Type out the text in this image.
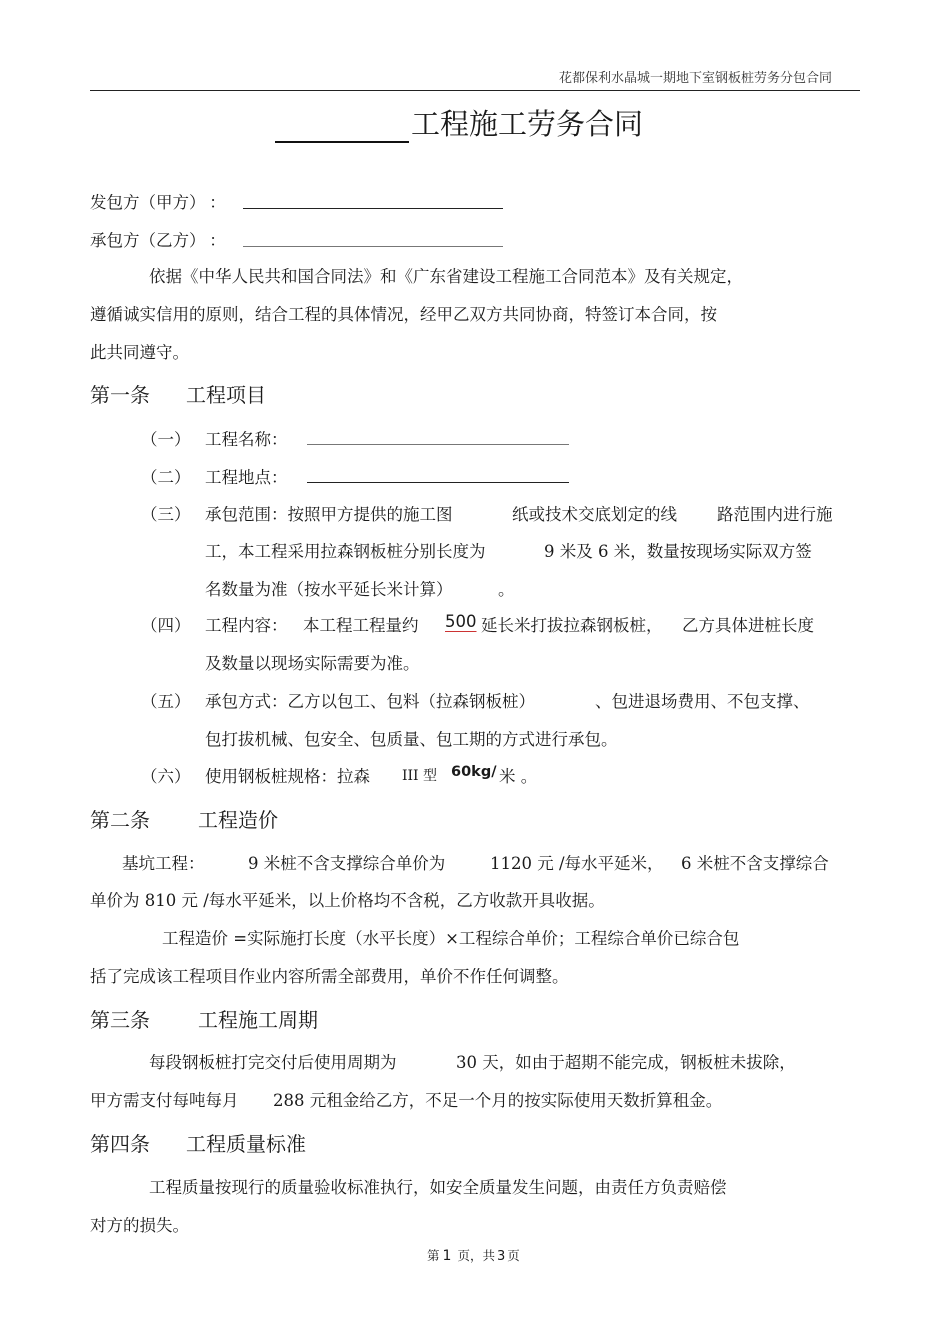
花都保利水晶城一期地下室钢板桩劳务分包合同
工程施工劳务合同
发包方（甲方） ：
承包方（乙方） ：
依据《中华人民共和国合同法》和《广东省建设工程施工合同范本》及有关规定，
遵循诚实信用的原则，结合工程的具体情况，经甲乙双方共同协商，特签订本合同，按
此共同遵守。
第一条 工程项目
（一） 工程名称：
（二） 工程地点：
（三） 承包范围：按照甲方提供的施工图	纸或技术交底划定的线 路范围内进行施
工，本工程采用拉森钢板桩分别长度为	9 米及 6 米，数量按现场实际双方签
名数量为准（按水平延长米计算）	。
（四） 工程内容： 本工程工程量约 500 延长米打拔拉森钢板桩， 乙方具体进桩长度
及数量以现场实际需要为准。
（五） 承包方式：乙方以包工、包料（拉森钢板桩）	、包进退场费用、不包支撑、
包打拔机械、包安全、包质量、包工期的方式进行承包。
（六） 使用钢板桩规格：拉森 III 型 60kg/ 米 。
第二条 工程造价
基坑工程：	9 米桩不含支撑综合单价为	1120 元 /每水平延米， 6 米桩不含支撑综合
单价为 810 元 /每水平延米，以上价格均不含税，乙方收款开具收据。
工程造价 =实际施打长度（水平长度）×工程综合单价；工程综合单价已综合包
括了完成该工程项目作业内容所需全部费用，单价不作任何调整。
第三条 工程施工周期
每段钢板桩打完交付后使用周期为	30 天，如由于超期不能完成，钢板桩未拔除，
甲方需支付每吨每月 288 元租金给乙方，不足一个月的按实际使用天数折算租金。
第四条 工程质量标准
工程质量按现行的质量验收标准执行，如安全质量发生问题，由责任方负责赔偿
对方的损失。
第 1 页，共 3 页
